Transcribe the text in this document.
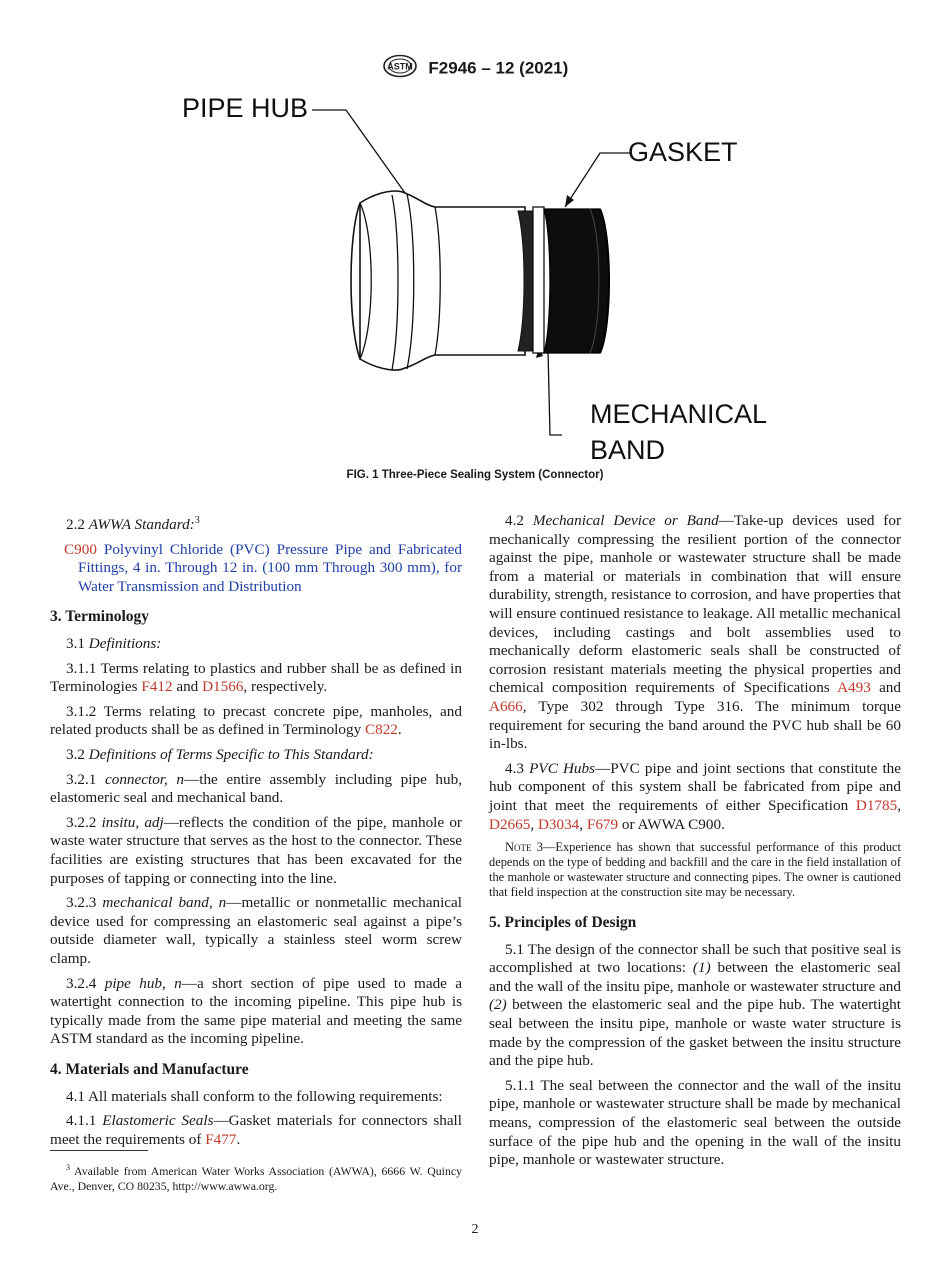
ASTM F2946 – 12 (2021)
PIPE HUB
GASKET
MECHANICAL
BAND
FIG. 1 Three-Piece Sealing System (Connector)

2.2 AWWA Standard:$^3$

C900 Polyvinyl Chloride (PVC) Pressure Pipe and Fabricated Fittings, 4 in. Through 12 in. (100 mm Through 300 mm), for Water Transmission and Distribution

3. Terminology

3.1 Definitions:

3.1.1 Terms relating to plastics and rubber shall be as defined in Terminologies F412 and D1566, respectively.

3.1.2 Terms relating to precast concrete pipe, manholes, and related products shall be as defined in Terminology C822.

3.2 Definitions of Terms Specific to This Standard:

3.2.1 connector, n—the entire assembly including pipe hub, elastomeric seal and mechanical band.

3.2.2 insitu, adj—reflects the condition of the pipe, manhole or waste water structure that serves as the host to the connector. These facilities are existing structures that has been excavated for the purposes of tapping or connecting into the line.

3.2.3 mechanical band, n—metallic or nonmetallic mechanical device used for compressing an elastomeric seal against a pipe’s outside diameter wall, typically a stainless steel worm screw clamp.

3.2.4 pipe hub, n—a short section of pipe used to made a watertight connection to the incoming pipeline. This pipe hub is typically made from the same pipe material and meeting the same ASTM standard as the incoming pipeline.

4. Materials and Manufacture

4.1 All materials shall conform to the following requirements:

4.1.1 Elastomeric Seals—Gasket materials for connectors shall meet the requirements of F477.

4.2 Mechanical Device or Band—Take-up devices used for mechanically compressing the resilient portion of the connector against the pipe, manhole or wastewater structure shall be made from a material or materials in combination that will ensure durability, strength, resistance to corrosion, and have properties that will ensure continued resistance to leakage. All metallic mechanical devices, including castings and bolt assemblies used to mechanically deform elastomeric seals shall be constructed of corrosion resistant materials meeting the physical properties and chemical composition requirements of Specifications A493 and A666, Type 302 through Type 316. The minimum torque requirement for securing the band around the PVC hub shall be 60 in-lbs.

4.3 PVC Hubs—PVC pipe and joint sections that constitute the hub component of this system shall be fabricated from pipe and joint that meet the requirements of either Specification D1785, D2665, D3034, F679 or AWWA C900.

Note 3—Experience has shown that successful performance of this product depends on the type of bedding and backfill and the care in the field installation of the manhole or wastewater structure and connecting pipes. The owner is cautioned that field inspection at the construction site may be necessary.

5. Principles of Design

5.1 The design of the connector shall be such that positive seal is accomplished at two locations: (1) between the elastomeric seal and the wall of the insitu pipe, manhole or wastewater structure and (2) between the elastomeric seal and the pipe hub. The watertight seal between the insitu pipe, manhole or waste water structure is made by the compression of the gasket between the insitu structure and the pipe hub.

5.1.1 The seal between the connector and the wall of the insitu pipe, manhole or wastewater structure shall be made by mechanical means, compression of the elastomeric seal between the outside surface of the pipe hub and the opening in the wall of the insitu pipe, manhole or wastewater structure.

$^3$ Available from American Water Works Association (AWWA), 6666 W. Quincy Ave., Denver, CO 80235, http://www.awwa.org.
2
